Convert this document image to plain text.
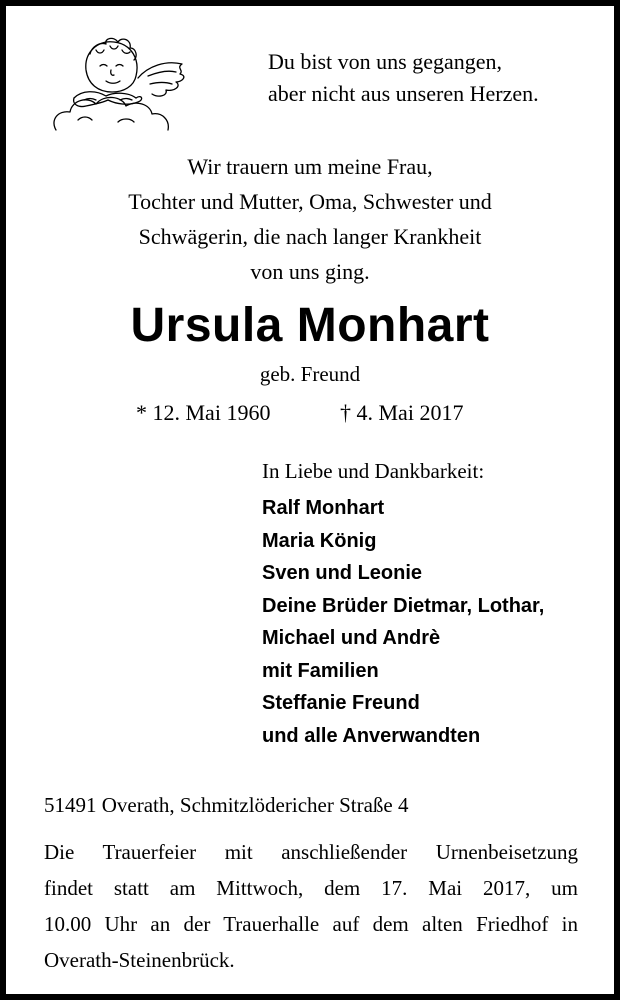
Du bist von uns gegangen,
aber nicht aus unseren Herzen.
Wir trauern um meine Frau,
Tochter und Mutter, Oma, Schwester und
Schwägerin, die nach langer Krankheit
von uns ging.
Ursula Monhart
geb. Freund
* 12. Mai 1960	† 4. Mai 2017
In Liebe und Dankbarkeit:
Ralf Monhart
Maria König
Sven und Leonie
Deine Brüder Dietmar, Lothar,
Michael und Andrè
mit Familien
Steffanie Freund
und alle Anverwandten
51491 Overath, Schmitzlödericher Straße 4
Die Trauerfeier mit anschließender Urnenbeisetzung
findet statt am Mittwoch, dem 17. Mai 2017, um
10.00 Uhr an der Trauerhalle auf dem alten Friedhof in
Overath-Steinenbrück.
